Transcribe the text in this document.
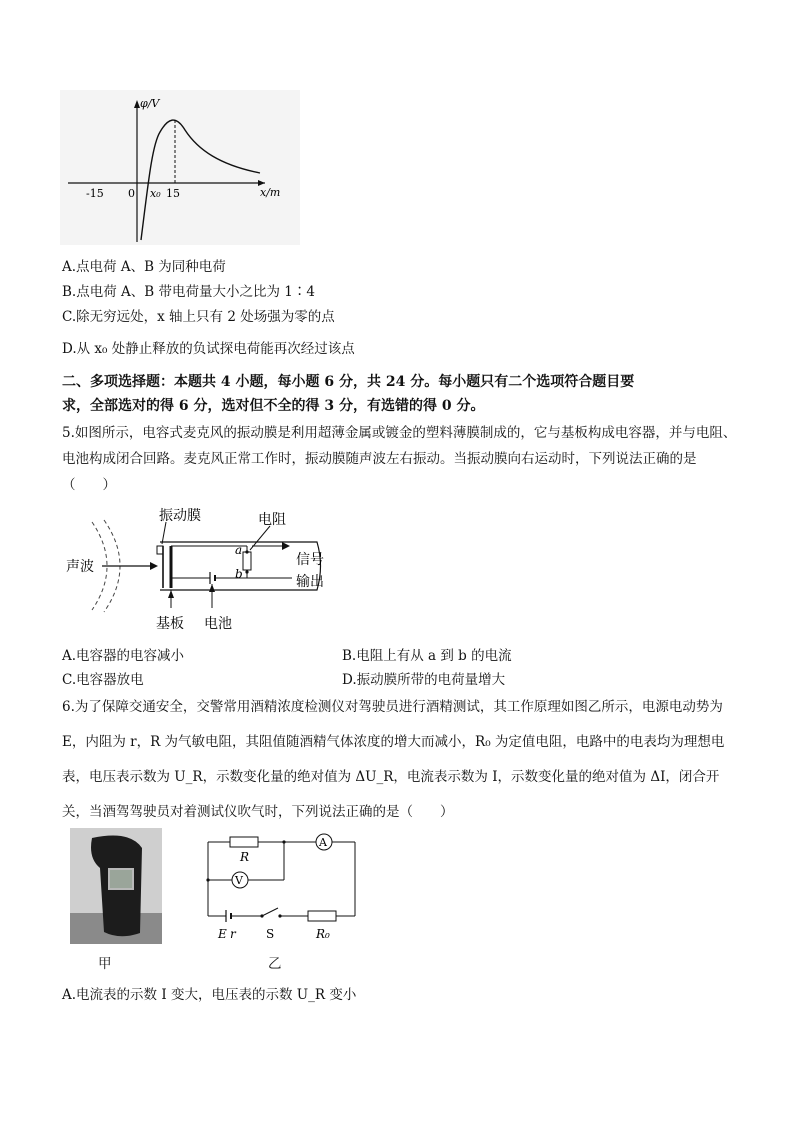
φ/V
x/m
-15 0 x₀ 15
A.点电荷 A、B 为同种电荷
B.点电荷 A、B 带电荷量大小之比为 1∶4
C.除无穷远处，x 轴上只有 2 处场强为零的点
D.从 x₀ 处静止释放的负试探电荷能再次经过该点
二、多项选择题：本题共 4 小题，每小题 6 分，共 24 分。每小题只有二个选项符合题目要
求，全部选对的得 6 分，选对但不全的得 3 分，有选错的得 0 分。
5.如图所示，电容式麦克风的振动膜是利用超薄金属或镀金的塑料薄膜制成的，它与基板构成电容器，并与电阻、电池构成闭合回路。麦克风正常工作时，振动膜随声波左右振动。当振动膜向右运动时，下列说法正确的是（　　）
声波
a
b
振动膜	电阻
信号
输出
基板 电池
A.电容器的电容减小	B.电阻上有从 a 到 b 的电流
C.电容器放电	D.振动膜所带的电荷量增大
6.为了保障交通安全，交警常用酒精浓度检测仪对驾驶员进行酒精测试，其工作原理如图乙所示，电源电动势为 E，内阻为 r，R 为气敏电阻，其阻值随酒精气体浓度的增大而减小，R₀ 为定值电阻，电路中的电表均为理想电表，电压表示数为 U_R，示数变化量的绝对值为 ΔU_R，电流表示数为 I，示数变化量的绝对值为 ΔI，闭合开关，当酒驾驾驶员对着测试仪吹气时，下列说法正确的是（　　）
甲
A
R
V
E r	S	R₀
乙
A.电流表的示数 I 变大，电压表的示数 U_R 变小
